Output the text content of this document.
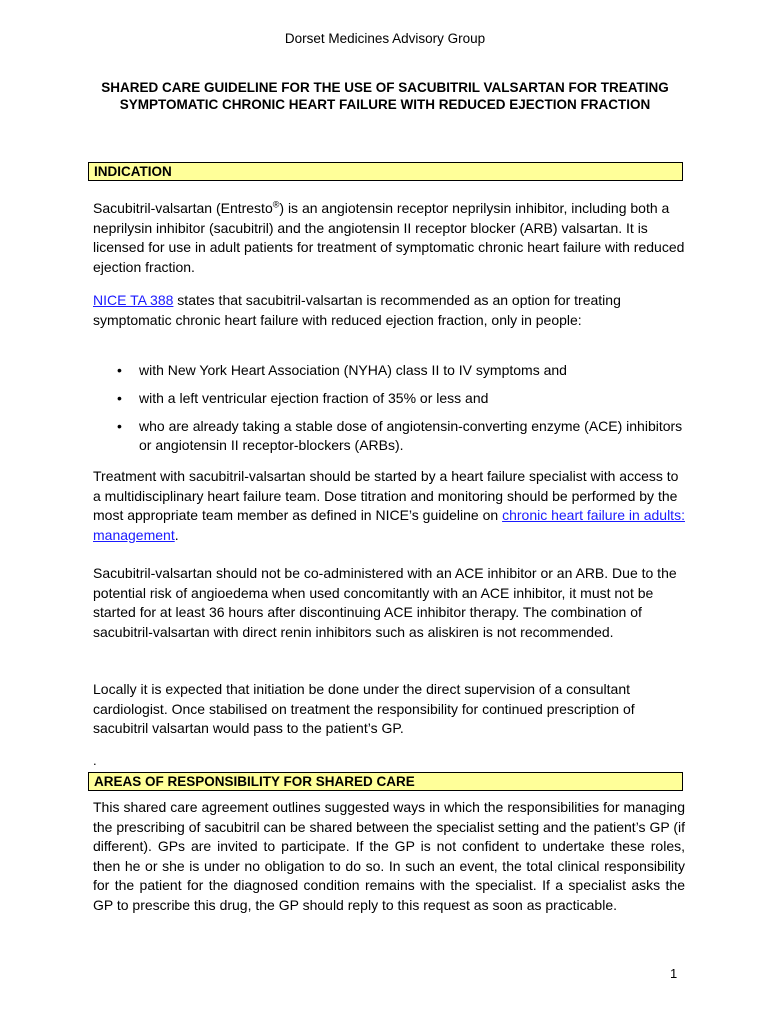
Dorset Medicines Advisory Group
SHARED CARE GUIDELINE FOR THE USE OF SACUBITRIL VALSARTAN FOR TREATING SYMPTOMATIC CHRONIC HEART FAILURE WITH REDUCED EJECTION FRACTION
INDICATION

Sacubitril-valsartan (Entresto®) is an angiotensin receptor neprilysin inhibitor, including both a neprilysin inhibitor (sacubitril) and the angiotensin II receptor blocker (ARB) valsartan. It is licensed for use in adult patients for treatment of symptomatic chronic heart failure with reduced ejection fraction.

NICE TA 388 states that sacubitril-valsartan is recommended as an option for treating symptomatic chronic heart failure with reduced ejection fraction, only in people:

• with New York Heart Association (NYHA) class II to IV symptoms and
• with a left ventricular ejection fraction of 35% or less and
• who are already taking a stable dose of angiotensin-converting enzyme (ACE) inhibitors or angiotensin II receptor-blockers (ARBs).

Treatment with sacubitril-valsartan should be started by a heart failure specialist with access to a multidisciplinary heart failure team. Dose titration and monitoring should be performed by the most appropriate team member as defined in NICE’s guideline on chronic heart failure in adults: management.

Sacubitril-valsartan should not be co-administered with an ACE inhibitor or an ARB. Due to the potential risk of angioedema when used concomitantly with an ACE inhibitor, it must not be started for at least 36 hours after discontinuing ACE inhibitor therapy. The combination of sacubitril-valsartan with direct renin inhibitors such as aliskiren is not recommended.

Locally it is expected that initiation be done under the direct supervision of a consultant cardiologist. Once stabilised on treatment the responsibility for continued prescription of sacubitril valsartan would pass to the patient’s GP.

.
AREAS OF RESPONSIBILITY FOR SHARED CARE

This shared care agreement outlines suggested ways in which the responsibilities for managing the prescribing of sacubitril can be shared between the specialist setting and the patient’s GP (if different). GPs are invited to participate. If the GP is not confident to undertake these roles, then he or she is under no obligation to do so. In such an event, the total clinical responsibility for the patient for the diagnosed condition remains with the specialist. If a specialist asks the GP to prescribe this drug, the GP should reply to this request as soon as practicable.

1
